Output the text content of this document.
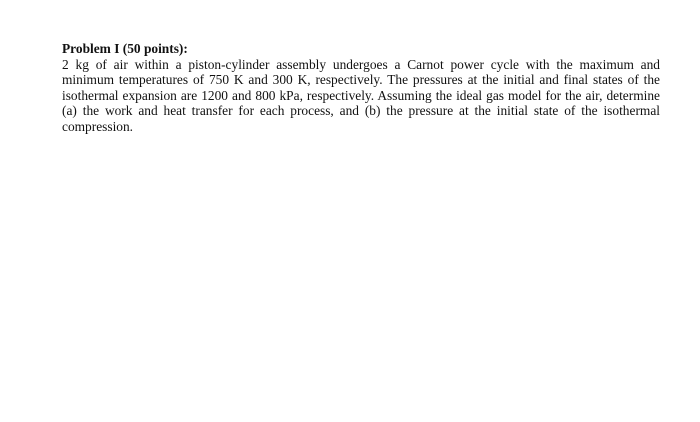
Problem I (50 points):

2 kg of air within a piston-cylinder assembly undergoes a Carnot power cycle with the maximum and minimum temperatures of 750 K and 300 K, respectively. The pressures at the initial and final states of the isothermal expansion are 1200 and 800 kPa, respectively. Assuming the ideal gas model for the air, determine (a) the work and heat transfer for each process, and (b) the pressure at the initial state of the isothermal compression.
